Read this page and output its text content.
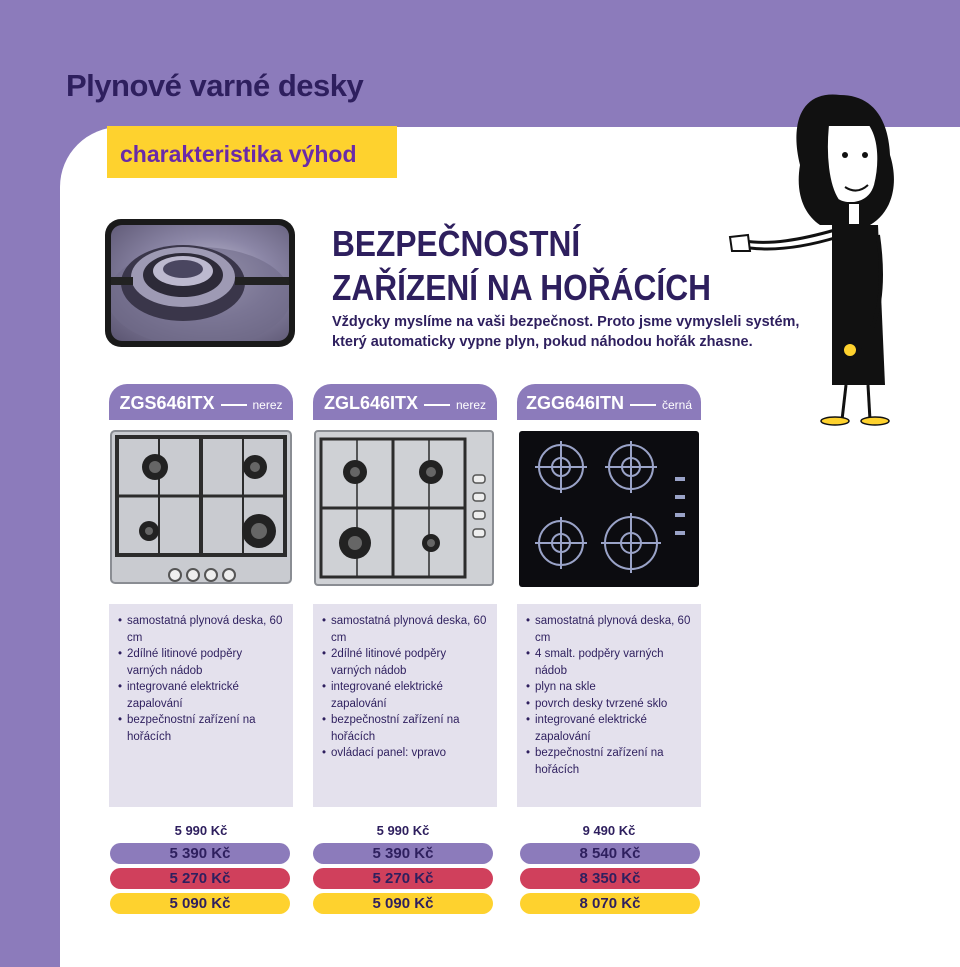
Plynové varné desky
charakteristika výhod
BEZPEČNOSTNÍ
ZAŘÍZENÍ NA HOŘÁCÍCH
Vždycky myslíme na vaši bezpečnost. Proto jsme vymysleli systém,
který automaticky vypne plyn, pokud náhodou hořák zhasne.
ZGS646ITX	nerez
• samostatná plynová deska, 60 cm
• 2dílné litinové podpěry varných nádob
• integrované elektrické zapalování
• bezpečnostní zařízení na hořácích
5 990 Kč
5 390 Kč
5 270 Kč
5 090 Kč
ZGL646ITX	nerez
• samostatná plynová deska, 60 cm
• 2dílné litinové podpěry varných nádob
• integrované elektrické zapalování
• bezpečnostní zařízení na hořácích
• ovládací panel: vpravo
5 990 Kč
5 390 Kč
5 270 Kč
5 090 Kč
ZGG646ITN	černá
• samostatná plynová deska, 60 cm
• 4 smalt. podpěry varných nádob
• plyn na skle
• povrch desky tvrzené sklo
• integrované elektrické zapalování
• bezpečnostní zařízení na hořácích
9 490 Kč
8 540 Kč
8 350 Kč
8 070 Kč
